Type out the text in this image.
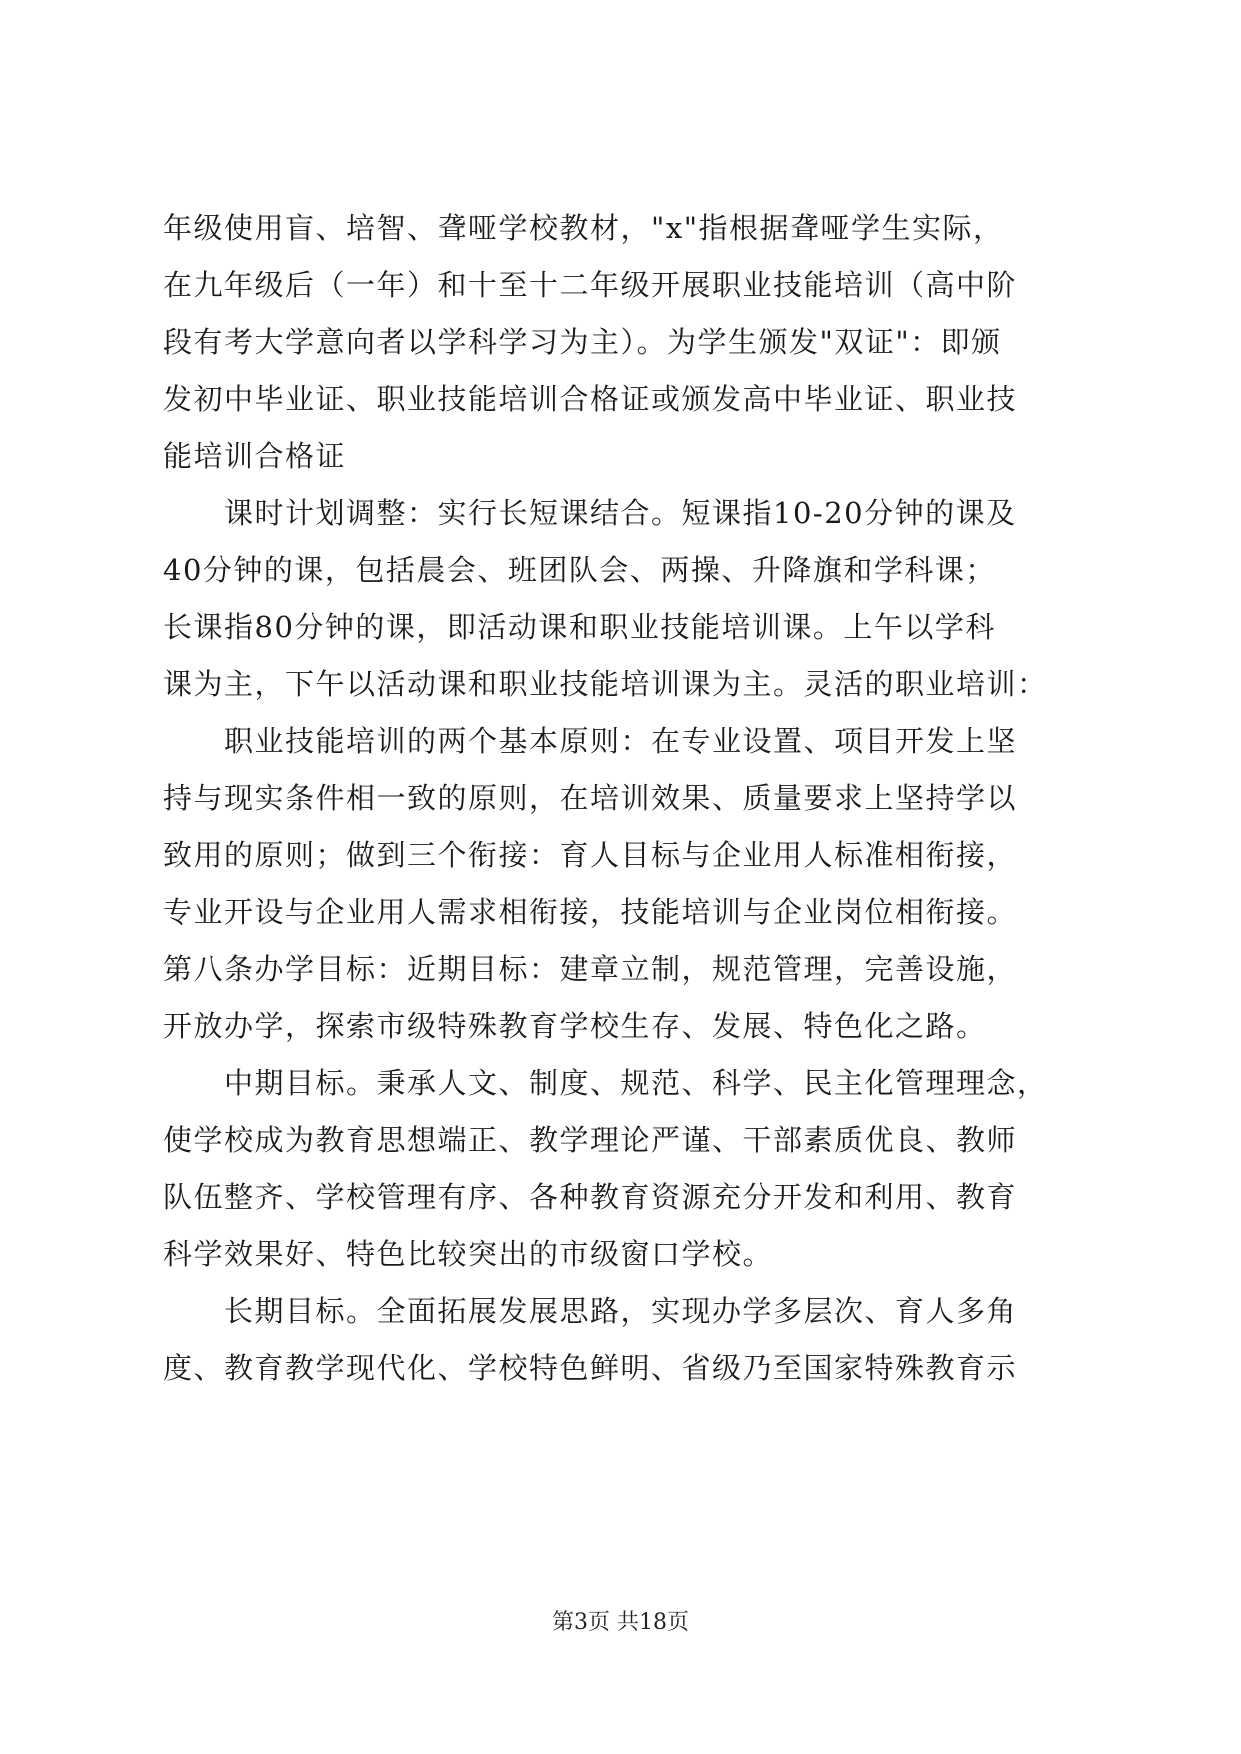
年级使用盲、培智、聋哑学校教材，"x"指根据聋哑学生实际，
在九年级后（一年）和十至十二年级开展职业技能培训（高中阶
段有考大学意向者以学科学习为主）。为学生颁发"双证"：即颁
发初中毕业证、职业技能培训合格证或颁发高中毕业证、职业技
能培训合格证
　　课时计划调整：实行长短课结合。短课指10-20分钟的课及
40分钟的课，包括晨会、班团队会、两操、升降旗和学科课；
长课指80分钟的课，即活动课和职业技能培训课。上午以学科
课为主，下午以活动课和职业技能培训课为主。灵活的职业培训：
　　职业技能培训的两个基本原则：在专业设置、项目开发上坚
持与现实条件相一致的原则，在培训效果、质量要求上坚持学以
致用的原则；做到三个衔接：育人目标与企业用人标准相衔接，
专业开设与企业用人需求相衔接，技能培训与企业岗位相衔接。
第八条办学目标：近期目标：建章立制，规范管理，完善设施，
开放办学，探索市级特殊教育学校生存、发展、特色化之路。
　　中期目标。秉承人文、制度、规范、科学、民主化管理理念，
使学校成为教育思想端正、教学理论严谨、干部素质优良、教师
队伍整齐、学校管理有序、各种教育资源充分开发和利用、教育
科学效果好、特色比较突出的市级窗口学校。
　　长期目标。全面拓展发展思路，实现办学多层次、育人多角
度、教育教学现代化、学校特色鲜明、省级乃至国家特殊教育示
第3页 共18页
